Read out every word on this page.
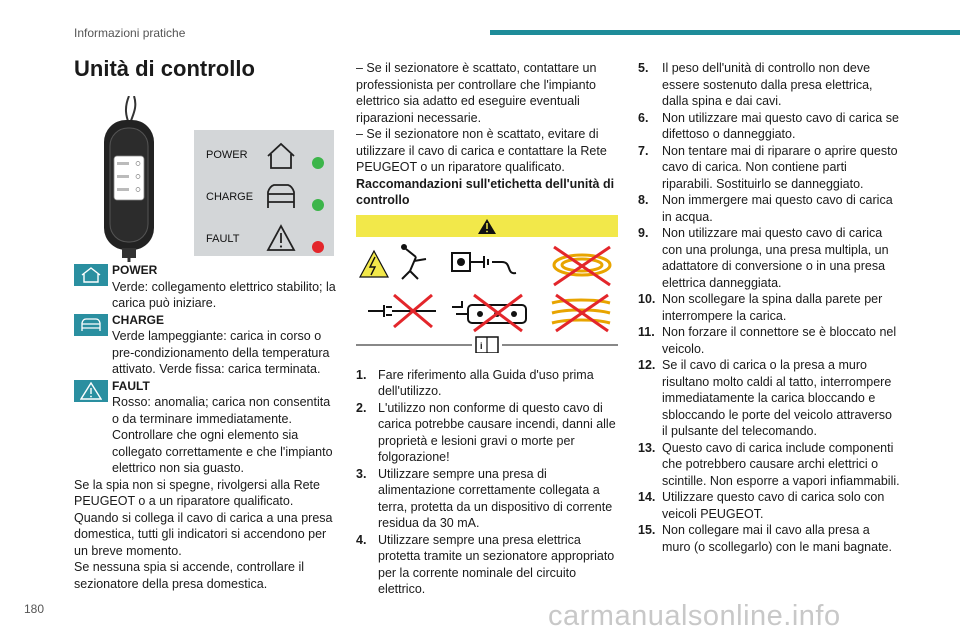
Informazioni pratiche
Unità di controllo
POWER
CHARGE
FAULT
POWER
Verde: collegamento elettrico stabilito; la carica può iniziare.
CHARGE
Verde lampeggiante: carica in corso o pre-condizionamento della temperatura attivato. Verde fissa: carica terminata.
FAULT
Rosso: anomalia; carica non consentita o da terminare immediatamente. Controllare che ogni elemento sia collegato correttamente e che l'impianto elettrico non sia guasto.

Se la spia non si spegne, rivolgersi alla Rete PEUGEOT o a un riparatore qualificato.

Quando si collega il cavo di carica a una presa domestica, tutti gli indicatori si accendono per un breve momento.

Se nessuna spia si accende, controllare il sezionatore della presa domestica.

– Se il sezionatore è scattato, contattare un professionista per controllare che l'impianto elettrico sia adatto ed eseguire eventuali riparazioni necessarie.

– Se il sezionatore non è scattato, evitare di utilizzare il cavo di carica e contattare la Rete PEUGEOT o un riparatore qualificato.

Raccomandazioni sull'etichetta dell'unità di controllo

i
1. Fare riferimento alla Guida d'uso prima dell'utilizzo.
2. L'utilizzo non conforme di questo cavo di carica potrebbe causare incendi, danni alle proprietà e lesioni gravi o morte per folgorazione!
3. Utilizzare sempre una presa di alimentazione correttamente collegata a terra, protetta da un dispositivo di corrente residua da 30 mA.
4. Utilizzare sempre una presa elettrica protetta tramite un sezionatore appropriato per la corrente nominale del circuito elettrico.
5.	Il peso dell'unità di controllo non deve essere sostenuto dalla presa elettrica, dalla spina e dai cavi.
6.	Non utilizzare mai questo cavo di carica se difettoso o danneggiato.
7.	Non tentare mai di riparare o aprire questo cavo di carica. Non contiene parti riparabili. Sostituirlo se danneggiato.
8.	Non immergere mai questo cavo di carica in acqua.
9.	Non utilizzare mai questo cavo di carica con una prolunga, una presa multipla, un adattatore di conversione o in una presa elettrica danneggiata.
10. Non scollegare la spina dalla parete per interrompere la carica.
11. Non forzare il connettore se è bloccato nel veicolo.
12. Se il cavo di carica o la presa a muro risultano molto caldi al tatto, interrompere immediatamente la carica bloccando e sbloccando le porte del veicolo attraverso il pulsante del telecomando.
13. Questo cavo di carica include componenti che potrebbero causare archi elettrici o scintille. Non esporre a vapori infiammabili.
14. Utilizzare questo cavo di carica solo con veicoli PEUGEOT.
15. Non collegare mai il cavo alla presa a muro (o scollegarlo) con le mani bagnate.
180	carmanualsonline.info
